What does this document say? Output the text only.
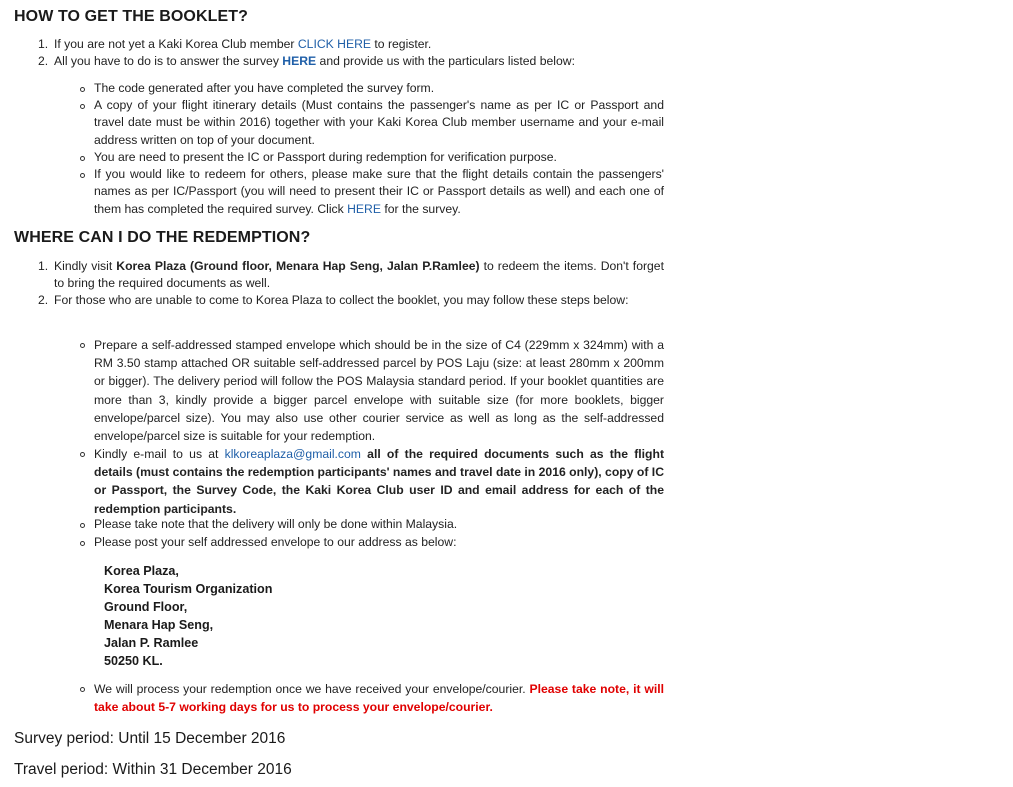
HOW TO GET THE BOOKLET?
1. If you are not yet a Kaki Korea Club member CLICK HERE to register.
2. All you have to do is to answer the survey HERE and provide us with the particulars listed below:
The code generated after you have completed the survey form.
A copy of your flight itinerary details (Must contains the passenger's name as per IC or Passport and travel date must be within 2016) together with your Kaki Korea Club member username and your e-mail address written on top of your document.
You are need to present the IC or Passport during redemption for verification purpose.
If you would like to redeem for others, please make sure that the flight details contain the passengers' names as per IC/Passport (you will need to present their IC or Passport details as well) and each one of them has completed the required survey. Click HERE for the survey.
WHERE CAN I DO THE REDEMPTION?
1. Kindly visit Korea Plaza (Ground floor, Menara Hap Seng, Jalan P.Ramlee) to redeem the items. Don't forget to bring the required documents as well.
2. For those who are unable to come to Korea Plaza to collect the booklet, you may follow these steps below:
Prepare a self-addressed stamped envelope which should be in the size of C4 (229mm x 324mm) with a RM 3.50 stamp attached OR suitable self-addressed parcel by POS Laju (size: at least 280mm x 200mm or bigger). The delivery period will follow the POS Malaysia standard period. If your booklet quantities are more than 3, kindly provide a bigger parcel envelope with suitable size (for more booklets, bigger envelope/parcel size). You may also use other courier service as well as long as the self-addressed envelope/parcel size is suitable for your redemption.
Kindly e-mail to us at klkoreaplaza@gmail.com all of the required documents such as the flight details (must contains the redemption participants' names and travel date in 2016 only), copy of IC or Passport, the Survey Code, the Kaki Korea Club user ID and email address for each of the redemption participants.
Please take note that the delivery will only be done within Malaysia.
Please post your self addressed envelope to our address as below:
Korea Plaza,
Korea Tourism Organization
Ground Floor,
Menara Hap Seng,
Jalan P. Ramlee
50250 KL.
We will process your redemption once we have received your envelope/courier. Please take note, it will take about 5-7 working days for us to process your envelope/courier.
Survey period: Until 15 December 2016
Travel period: Within 31 December 2016
